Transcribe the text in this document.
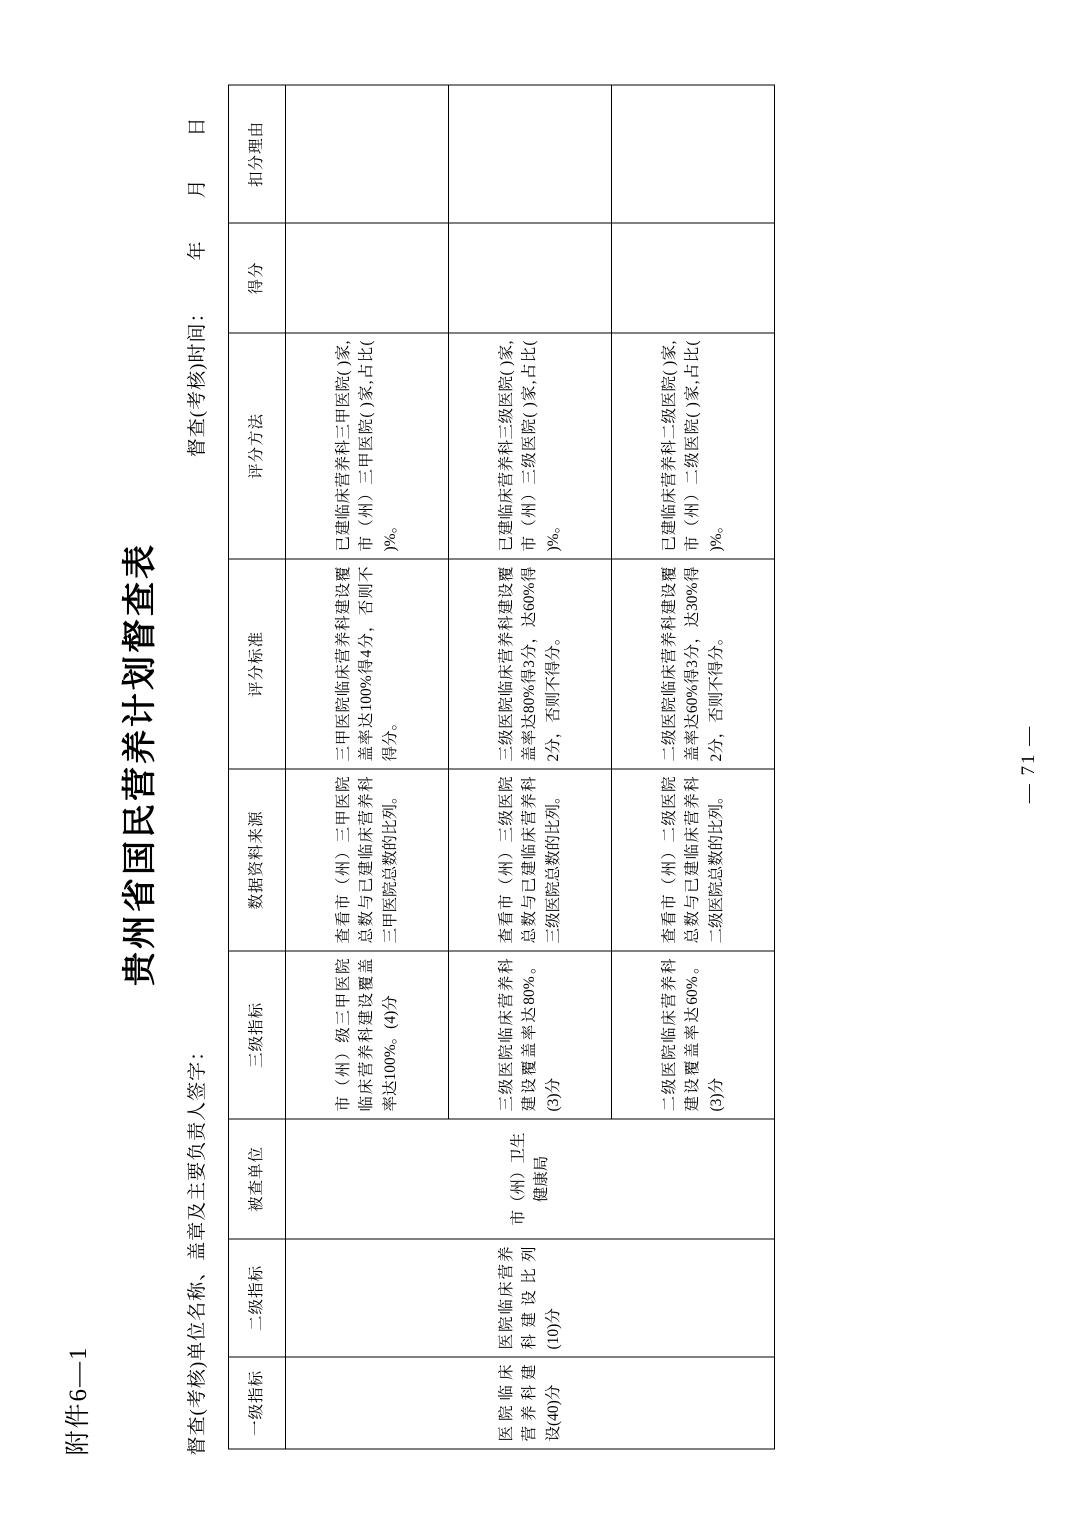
附件6—1
贵州省国民营养计划督查表
督查(考核)单位名称、盖章及主要负责人签字：
督查(考核)时间：年月日
一级指标	二级指标	被查单位	三级指标	数据资料来源	评分标准	评分方法	得分	扣分理由
医院临床营养科建设(40)分	医院临床营养科建设比列(10)分	市（州）卫生健康局	市（州）级三甲医院临床营养科建设覆盖率达100%。(4)分	查看市（州）三甲医院总数与已建临床营养科三甲医院总数的比列。	三甲医院临床营养科建设覆盖率达100%得4分，否则不得分。	已建临床营养科三甲医院( )家,市（州）三甲医院( )家,占比( )%。		
			三级医院临床营养科建设覆盖率达80%。(3)分	查看市（州）三级医院总数与已建临床营养科三级医院总数的比列。	三级医院临床营养科建设覆盖率达80%得3分，达60%得2分，否则不得分。	已建临床营养科三级医院( )家,市（州）三级医院( )家,占比( )%。		
			二级医院临床营养科建设覆盖率达60%。(3)分	查看市（州）二级医院总数与已建临床营养科二级医院总数的比列。	二级医院临床营养科建设覆盖率达60%得3分，达30%得2分，否则不得分。	已建临床营养科二级医院( )家,市（州）二级医院( )家,占比( )%。		
— 71 —
